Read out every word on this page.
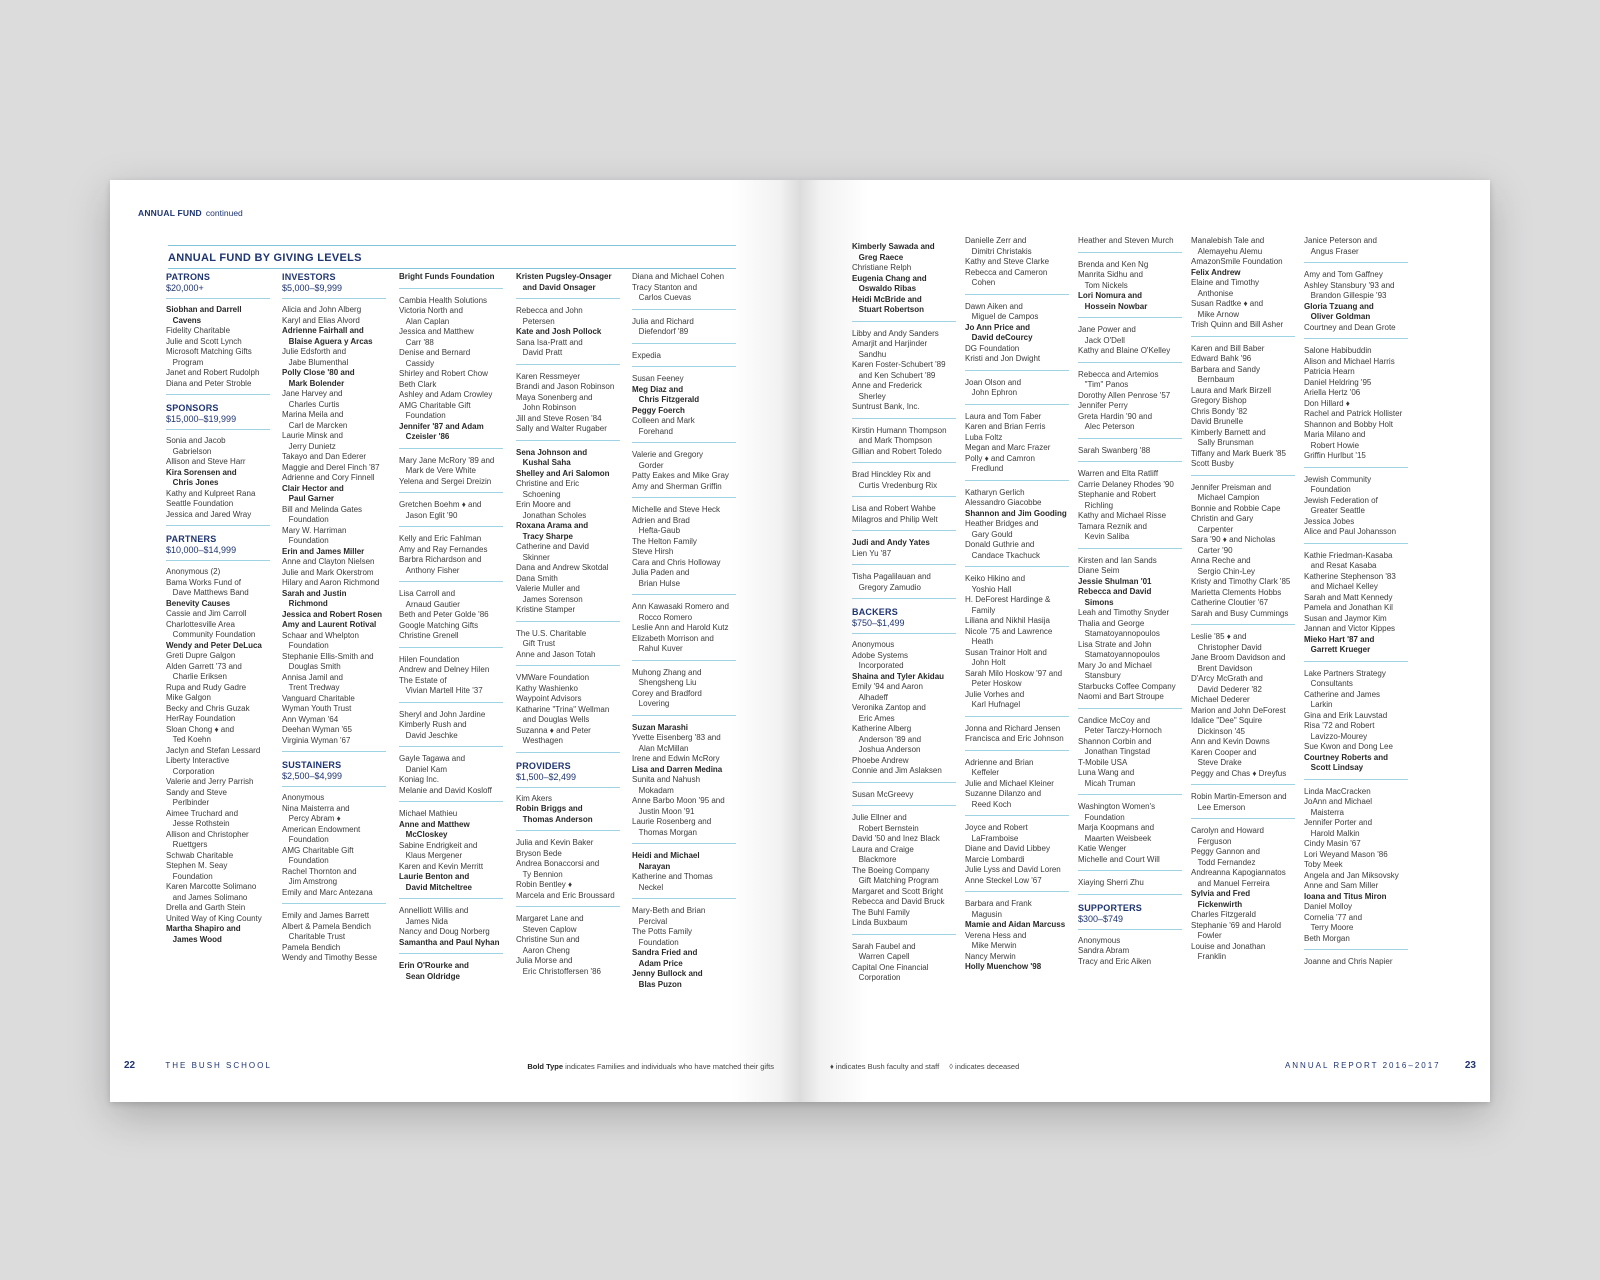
ANNUAL FUND continued
ANNUAL FUND BY GIVING LEVELS
PATRONS
$20,000+
Siobhan and Darrell
Cavens
Fidelity Charitable
Julie and Scott Lynch
Microsoft Matching Gifts
Program
Janet and Robert Rudolph
Diana and Peter Stroble
SPONSORS
$15,000–$19,999
Sonia and Jacob
Gabrielson
Allison and Steve Harr
Kira Sorensen and
Chris Jones
Kathy and Kulpreet Rana
Seattle Foundation
Jessica and Jared Wray
PARTNERS
$10,000–$14,999
Anonymous (2)
Bama Works Fund of
Dave Matthews Band
Benevity Causes
Cassie and Jim Carroll
Charlottesville Area
Community Foundation
Wendy and Peter DeLuca
Greti Dupre Galgon
Alden Garrett '73 and
Charlie Eriksen
Rupa and Rudy Gadre
Mike Galgon
Becky and Chris Guzak
HerRay Foundation
Sloan Chong ♦ and
Ted Koehn
Jaclyn and Stefan Lessard
Liberty Interactive
Corporation
Valerie and Jerry Parrish
Sandy and Steve
Perlbinder
Aimee Truchard and
Jesse Rothstein
Allison and Christopher
Ruettgers
Schwab Charitable
Stephen M. Seay
Foundation
Karen Marcotte Solimano
and James Solimano
Drella and Garth Stein
United Way of King County
Martha Shapiro and
James Wood
INVESTORS
$5,000–$9,999
Alicia and John Alberg
Karyl and Elias Alvord
Adrienne Fairhall and
Blaise Aguera y Arcas
Julie Edsforth and
Jabe Blumenthal
Polly Close '80 and
Mark Bolender
Jane Harvey and
Charles Curtis
Marina Meila and
Carl de Marcken
Laurie Minsk and
Jerry Dunietz
Takayo and Dan Ederer
Maggie and Derel Finch '87
Adrienne and Cory Finnell
Clair Hector and
Paul Garner
Bill and Melinda Gates
Foundation
Mary W. Harriman
Foundation
Erin and James Miller
Anne and Clayton Nielsen
Julie and Mark Okerstrom
Hilary and Aaron Richmond
Sarah and Justin
Richmond
Jessica and Robert Rosen
Amy and Laurent Rotival
Schaar and Whelpton
Foundation
Stephanie Ellis-Smith and
Douglas Smith
Annisa Jamil and
Trent Tredway
Vanguard Charitable
Wyman Youth Trust
Ann Wyman '64
Deehan Wyman '65
Virginia Wyman '67
SUSTAINERS
$2,500–$4,999
Anonymous
Nina Maisterra and
Percy Abram ♦
American Endowment
Foundation
AMG Charitable Gift
Foundation
Rachel Thornton and
Jim Amstrong
Emily and Marc Antezana
Emily and James Barrett
Albert & Pamela Bendich
Charitable Trust
Pamela Bendich
Wendy and Timothy Besse
Bright Funds Foundation
Cambia Health Solutions
Victoria North and
Alan Caplan
Jessica and Matthew
Carr '88
Denise and Bernard
Cassidy
Shirley and Robert Chow
Beth Clark
Ashley and Adam Crowley
AMG Charitable Gift
Foundation
Jennifer '87 and Adam
Czeisler '86
Mary Jane McRory '89 and
Mark de Vere White
Yelena and Sergei Dreizin
Gretchen Boehm ♦ and
Jason Eglit '90
Kelly and Eric Fahlman
Amy and Ray Fernandes
Barbra Richardson and
Anthony Fisher
Lisa Carroll and
Arnaud Gautier
Beth and Peter Golde '86
Google Matching Gifts
Christine Grenell
Hilen Foundation
Andrew and Delney Hilen
The Estate of
Vivian Martell Hite '37
Sheryl and John Jardine
Kimberly Rush and
David Jeschke
Gayle Tagawa and
Daniel Kam
Koniag Inc.
Melanie and David Kosloff
Michael Mathieu
Anne and Matthew
McCloskey
Sabine Endrigkeit and
Klaus Mergener
Karen and Kevin Merritt
Laurie Benton and
David Mitcheltree
Annelliott Willis and
James Nida
Nancy and Doug Norberg
Samantha and Paul Nyhan
Erin O'Rourke and
Sean Oldridge
Kristen Pugsley-Onsager
and David Onsager
Rebecca and John
Petersen
Kate and Josh Pollock
Sana Isa-Pratt and
David Pratt
Karen Ressmeyer
Brandi and Jason Robinson
Maya Sonenberg and
John Robinson
Jill and Steve Rosen '84
Sally and Walter Rugaber
Sena Johnson and
Kushal Saha
Shelley and Ari Salomon
Christine and Eric
Schoening
Erin Moore and
Jonathan Scholes
Roxana Arama and
Tracy Sharpe
Catherine and David
Skinner
Dana and Andrew Skotdal
Dana Smith
Valerie Muller and
James Sorenson
Kristine Stamper
The U.S. Charitable
Gift Trust
Anne and Jason Totah
VMWare Foundation
Kathy Washienko
Waypoint Advisors
Katharine "Trina" Wellman
and Douglas Wells
Suzanna ♦ and Peter
Westhagen
PROVIDERS
$1,500–$2,499
Kim Akers
Robin Briggs and
Thomas Anderson
Julia and Kevin Baker
Bryson Bede
Andrea Bonaccorsi and
Ty Bennion
Robin Bentley ♦
Marcela and Eric Broussard
Margaret Lane and
Steven Caplow
Christine Sun and
Aaron Cheng
Julia Morse and
Eric Christoffersen '86
Diana and Michael Cohen
Tracy Stanton and
Carlos Cuevas
Julia and Richard
Diefendorf '89
Expedia
Susan Feeney
Meg Diaz and
Chris Fitzgerald
Peggy Foerch
Colleen and Mark
Forehand
Valerie and Gregory
Gorder
Patty Eakes and Mike Gray
Amy and Sherman Griffin
Michelle and Steve Heck
Adrien and Brad
Hefta-Gaub
The Helton Family
Steve Hirsh
Cara and Chris Holloway
Julia Paden and
Brian Hulse
Ann Kawasaki Romero and
Rocco Romero
Leslie Ann and Harold Kutz
Elizabeth Morrison and
Rahul Kuver
Muhong Zhang and
Shengsheng Liu
Corey and Bradford
Lovering
Suzan Marashi
Yvette Eisenberg '83 and
Alan McMillan
Irene and Edwin McRory
Lisa and Darren Medina
Sunita and Nahush
Mokadam
Anne Barbo Moon '95 and
Justin Moon '91
Laurie Rosenberg and
Thomas Morgan
Heidi and Michael
Narayan
Katherine and Thomas
Neckel
Mary-Beth and Brian
Percival
The Potts Family
Foundation
Sandra Fried and
Adam Price
Jenny Bullock and
Blas Puzon
22	THE BUSH SCHOOL	Bold Type indicates Families and individuals who have matched their gifts
Kimberly Sawada and
Greg Raece
Christiane Relph
Eugenia Chang and
Oswaldo Ribas
Heidi McBride and
Stuart Robertson
Libby and Andy Sanders
Amarjit and Harjinder
Sandhu
Karen Foster-Schubert '89
and Ken Schubert '89
Anne and Frederick
Sherley
Suntrust Bank, Inc.
Kirstin Humann Thompson
and Mark Thompson
Gillian and Robert Toledo
Brad Hinckley Rix and
Curtis Vredenburg Rix
Lisa and Robert Wahbe
Milagros and Philip Welt
Judi and Andy Yates
Lien Yu '87
Tisha Pagalilauan and
Gregory Zamudio
BACKERS
$750–$1,499
Anonymous
Adobe Systems
Incorporated
Shaina and Tyler Akidau
Emily '94 and Aaron
Alhadeff
Veronika Zantop and
Eric Ames
Katherine Alberg
Anderson '89 and
Joshua Anderson
Phoebe Andrew
Connie and Jim Aslaksen
Susan McGreevy
Julie Ellner and
Robert Bernstein
David '50 and Inez Black
Laura and Craige
Blackmore
The Boeing Company
Gift Matching Program
Margaret and Scott Bright
Rebecca and David Bruck
The Buhl Family
Linda Buxbaum
Sarah Faubel and
Warren Capell
Capital One Financial
Corporation
Danielle Zerr and
Dimitri Christakis
Kathy and Steve Clarke
Rebecca and Cameron
Cohen
Dawn Aiken and
Miguel de Campos
Jo Ann Price and
David deCourcy
DG Foundation
Kristi and Jon Dwight
Joan Olson and
John Ephron
Laura and Tom Faber
Karen and Brian Ferris
Luba Foltz
Megan and Marc Frazer
Polly ♦ and Camron
Fredlund
Katharyn Gerlich
Alessandro Giacobbe
Shannon and Jim Gooding
Heather Bridges and
Gary Gould
Donald Guthrie and
Candace Tkachuck
Keiko Hikino and
Yoshio Hall
H. DeForest Hardinge &
Family
Liliana and Nikhil Hasija
Nicole '75 and Lawrence
Heath
Susan Trainor Holt and
John Holt
Sarah Milo Hoskow '97 and
Peter Hoskow
Julie Vorhes and
Karl Hufnagel
Jonna and Richard Jensen
Francisca and Eric Johnson
Adrienne and Brian
Keffeler
Julie and Michael Kleiner
Suzanne Dilanzo and
Reed Koch
Joyce and Robert
LaFramboise
Diane and David Libbey
Marcie Lombardi
Julie Lyss and David Loren
Anne Steckel Low '67
Barbara and Frank
Magusin
Mamie and Aidan Marcuss
Verena Hess and
Mike Merwin
Nancy Merwin
Holly Muenchow '98
Heather and Steven Murch
Brenda and Ken Ng
Manrita Sidhu and
Tom Nickels
Lori Nomura and
Hossein Nowbar
Jane Power and
Jack O'Dell
Kathy and Blaine O'Kelley
Rebecca and Artemios
"Tim" Panos
Dorothy Allen Penrose '57
Jennifer Perry
Greta Hardin '90 and
Alec Peterson
Sarah Swanberg '88
Warren and Elta Ratliff
Carrie Delaney Rhodes '90
Stephanie and Robert
Richling
Kathy and Michael Risse
Tamara Reznik and
Kevin Saliba
Kirsten and Ian Sands
Diane Seim
Jessie Shulman '01
Rebecca and David
Simons
Leah and Timothy Snyder
Thalia and George
Stamatoyannopoulos
Lisa Strate and John
Stamatoyannopoulos
Mary Jo and Michael
Stansbury
Starbucks Coffee Company
Naomi and Bart Stroupe
Candice McCoy and
Peter Tarczy-Hornoch
Shannon Corbin and
Jonathan Tingstad
T-Mobile USA
Luna Wang and
Micah Truman
Washington Women's
Foundation
Marja Koopmans and
Maarten Weisbeek
Katie Wenger
Michelle and Court Will
Xiaying Sherri Zhu
SUPPORTERS
$300–$749
Anonymous
Sandra Abram
Tracy and Eric Aiken
Manalebish Tale and
Alemayehu Alemu
AmazonSmile Foundation
Felix Andrew
Elaine and Timothy
Anthonise
Susan Radtke ♦ and
Mike Arnow
Trish Quinn and Bill Asher
Karen and Bill Baber
Edward Bahk '96
Barbara and Sandy
Bernbaum
Laura and Mark Birzell
Gregory Bishop
Chris Bondy '82
David Brunelle
Kimberly Barnett and
Sally Brunsman
Tiffany and Mark Buerk '85
Scott Busby
Jennifer Preisman and
Michael Campion
Bonnie and Robbie Cape
Christin and Gary
Carpenter
Sara '90 ♦ and Nicholas
Carter '90
Anna Reche and
Sergio Chin-Ley
Kristy and Timothy Clark '85
Marietta Clements Hobbs
Catherine Cloutier '67
Sarah and Busy Cummings
Leslie '85 ♦ and
Christopher David
Jane Broom Davidson and
Brent Davidson
D'Arcy McGrath and
David Dederer '82
Michael Dederer
Marion and John DeForest
Idalice "Dee" Squire
Dickinson '45
Ann and Kevin Downs
Karen Cooper and
Steve Drake
Peggy and Chas ♦ Dreyfus
Robin Martin-Emerson and
Lee Emerson
Carolyn and Howard
Ferguson
Peggy Gannon and
Todd Fernandez
Andreanna Kapogiannatos
and Manuel Ferreira
Sylvia and Fred
Fickenwirth
Charles Fitzgerald
Stephanie '69 and Harold
Fowler
Louise and Jonathan
Franklin
Janice Peterson and
Angus Fraser
Amy and Tom Gaffney
Ashley Stansbury '93 and
Brandon Gillespie '93
Gloria Tzuang and
Oliver Goldman
Courtney and Dean Grote
Salone Habibuddin
Alison and Michael Harris
Patricia Hearn
Daniel Heldring '95
Ariella Hertz '06
Don Hillard ♦
Rachel and Patrick Hollister
Shannon and Bobby Holt
Maria Milano and
Robert Howie
Griffin Hurlbut '15
Jewish Community
Foundation
Jewish Federation of
Greater Seattle
Jessica Jobes
Alice and Paul Johansson
Kathie Friedman-Kasaba
and Resat Kasaba
Katherine Stephenson '83
and Michael Kelley
Sarah and Matt Kennedy
Pamela and Jonathan Kil
Susan and Jaymor Kim
Jannan and Victor Kippes
Mieko Hart '87 and
Garrett Krueger
Lake Partners Strategy
Consultants
Catherine and James
Larkin
Gina and Erik Lauvstad
Risa '72 and Robert
Lavizzo-Mourey
Sue Kwon and Dong Lee
Courtney Roberts and
Scott Lindsay
Linda MacCracken
JoAnn and Michael
Maisterra
Jennifer Porter and
Harold Malkin
Cindy Masin '67
Lori Weyand Mason '86
Toby Meek
Angela and Jan Miksovsky
Anne and Sam Miller
Ioana and Titus Miron
Daniel Molloy
Cornelia '77 and
Terry Moore
Beth Morgan
Joanne and Chris Napier
♦ indicates Bush faculty and staff ◊ indicates deceased	ANNUAL REPORT 2016–2017 23
